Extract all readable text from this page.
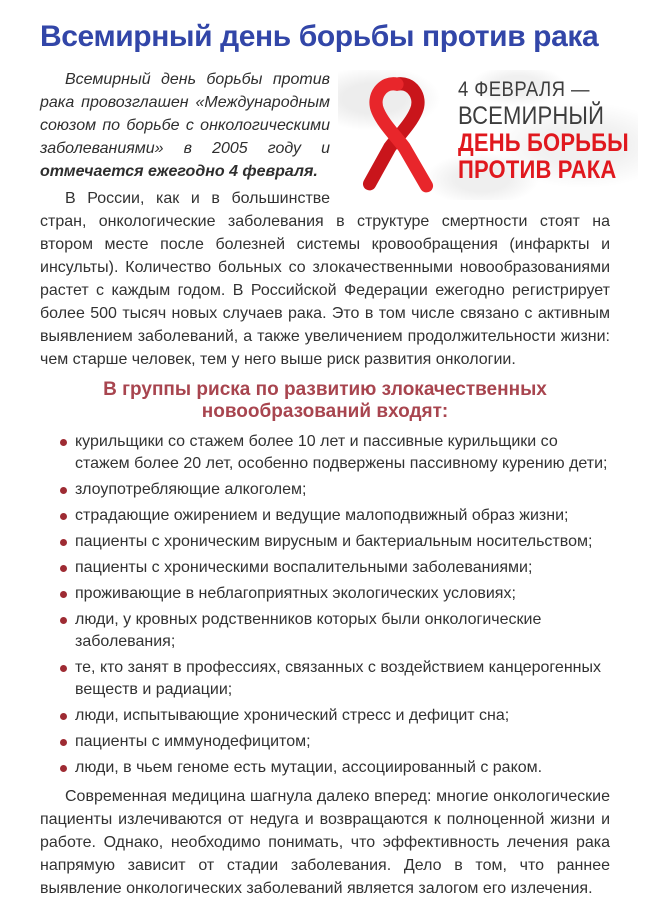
Всемирный день борьбы против рака
4 ФЕВРАЛЯ —
ВСЕМИРНЫЙ
ДЕНЬ БОРЬБЫ
ПРОТИВ РАКА

Всемирный день борьбы против рака провозглашен «Международным союзом по борьбе с онкологическими заболеваниями» в 2005 году и отмечается ежегодно 4 февраля.

В России, как и в большинстве стран, онкологические заболевания в структуре смертности стоят на втором месте после болезней системы кровообращения (инфаркты и инсульты). Количество больных со злокачественными новообразованиями растет с каждым годом. В Российской Федерации ежегодно регистрирует более 500 тысяч новых случаев рака. Это в том числе связано с активным выявлением заболеваний, а также увеличением продолжительности жизни: чем старше человек, тем у него выше риск развития онкологии.

В группы риска по развитию злокачественных новообразований входят:
курильщики со стажем более 10 лет и пассивные курильщики со стажем более 20 лет, особенно подвержены пассивному курению дети;
злоупотребляющие алкоголем;
страдающие ожирением и ведущие малоподвижный образ жизни;
пациенты с хроническим вирусным и бактериальным носительством;
пациенты с хроническими воспалительными заболеваниями;
проживающие в неблагоприятных экологических условиях;
люди, у кровных родственников которых были онкологические заболевания;
те, кто занят в профессиях, связанных с воздействием канцерогенных веществ и радиации;
люди, испытывающие хронический стресс и дефицит сна;
пациенты с иммунодефицитом;
люди, в чьем геноме есть мутации, ассоциированный с раком.

Современная медицина шагнула далеко вперед: многие онкологические пациенты излечиваются от недуга и возвращаются к полноценной жизни и работе. Однако, необходимо понимать, что эффективность лечения рака напрямую зависит от стадии заболевания. Дело в том, что раннее выявление онкологических заболеваний является залогом его излечения.
